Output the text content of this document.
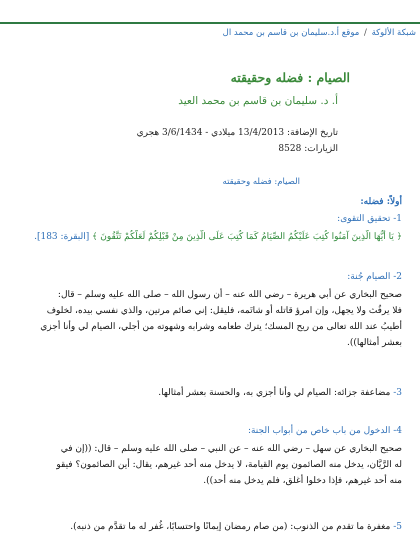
شبكة الألوكة / موقع أ.د.سليمان بن قاسم بن محمد ال
الصيام : فضله وحقيقته
أ. د. سليمان بن قاسم بن محمد العيد
تاريخ الإضافة: 13/4/2013 ميلادي - 3/6/1434 هجري
الزيارات: 8528
الصيام: فضله وحقيقته
أولاً: فضله:
1- تحقيق التقوى:
﴿ يَا أَيُّهَا الَّذِينَ آمَنُوا كُتِبَ عَلَيْكُمُ الصِّيَامُ كَمَا كُتِبَ عَلَى الَّذِينَ مِنْ قَبْلِكُمْ لَعَلَّكُمْ تَتَّقُونَ ﴾ [البقرة: 183].
2- الصيام جُنة:
صحيح البخاري عن أبي هريرة – رضي الله عنه – أن رسول الله – صلى الله عليه وسلم – قال:
فلا يرفُث ولا يجهل، وإن امرؤ قاتله أو شاتَمه، فليقل: إني صائم مرتين، والذي نفسي بيده، لخلوف
أطيبُ عند الله تعالى من ريح المسك؛ يترك طعامه وشرابه وشهوته من أجلي، الصيام لي وأنا أجزي
بعشر أمثالها)).
3- مضاعفة جزائه: الصيام لي وأنا أجزي به، والحسنة بعشر أمثالها.
4- الدخول من باب خاص من أبواب الجنة:
صحيح البخاري عن سهل – رضي الله عنه – عن النبي – صلى الله عليه وسلم – قال: ((إن في
له الرَّيَّان، يدخل منه الصائمون يوم القيامة، لا يدخل منه أحد غيرهم، يقال: أين الصائمون؟ فيقو
منه أحد غيرهم، فإذا دخلوا أُغلق، فلم يدخل منه أحد)).
5- مغفرة ما تقدم من الذنوب: (من صام رمضان إيمانًا واحتسابًا، غُفر له ما تقدَّم من ذنبه).
